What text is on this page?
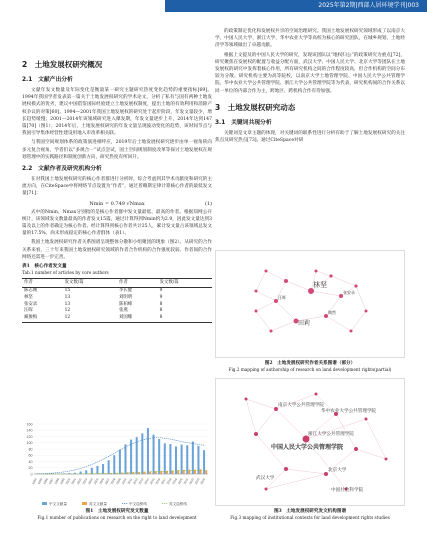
2025年第2期|西部人居环境学刊|003
2　土地发展权研究概况
2.1　文献产出分析

文献年发文数量及年际变化是衡量某一研究主题研究热度变化趋势的重要指标[69]。1994年我国学者发表第一篇关于土地发展权研究的学术论文，分析了私有与国有两种土地发展权模式的优劣，建议中国借鉴国际经验建立土地发展权制度，提出土地的有效利用和消除产权争议的对策[60]。1994—2001年我国土地发展权的研究处于起步阶段，年发文量较少，增长趋势缓慢；2001—2014年该领域研究进入爆发期，年发文量逐步上升，2014年达到147篇[70]（图1）；2014年后，土地发展权研究的年发文量呈现波动变化的趋势，该时间节点与我国引导集体经营性建设用地入市改革相关联。

与我国空间规划体系的政策演进相呼应，2019年后土地发展权研究逐步由单一视角转向多元复合视角，学者们以“多规合一”试点尝试，国土空间规划制度改革等探讨土地发展权在规划管理中的实践路径和制度创新方向，研究热度有所回升。

2.2　文献作者及研究机构分析

在对我国土地发展权研究的核心作者群进行分析时，综合考虑到其学术贡献度和研究的主流方向，在CiteSpace中将网络节点设置为“作者”，通过普赖斯定律计算核心作者的最低发文量[71]：

Nmin = 0.749 √Nmax	(1)

式中的Nmin、Nmax分别指的是核心作者群中发文量最低、最高的作者。根据知网公开统计，该领域发文数量最高的作者发文15篇，通过计算得到Nmin约为2.9，因此发文量达到3篇及以上的作者确定为核心作者。经计算得到核心作者共计25人，累计发文量占该领域总发文量的17.5%，尚未形成稳定的核心作者群体（表1）。

我国土地发展权研究作者关系图谱呈现整体分散和小组聚团的现象（图2）。从研究的合作关系来看，三十年来我国土地发展权研究领域的作者合作机构的合作强度较弱，作者间的合作网络还需进一步完善。

表1　核心作者发文量
Tab.1 number of articles by core authors
作者	发文数/篇	作者	发文数/篇
陈志刚	15	李长健	9
林坚	13	刘明明	9
张安录	13	陈柏峰	8
汪晖	12	张燕	8
臧俊梅	12	刘国臻	8
0
20
40
60
80
100
120
140
160
1994
1995
1996
1997
1998
1999
2000
2001
2002
2003
2004
2005
2006
2007
2008
2009
2010 2011
2012
2013
2014
2015
2016
2017
2018
2019
2020
2021
2022
2023
2024

中文文献量	英文文献量	中文趋势线	英文趋势线
图1　土地发展权研究发文数量
Fig.1 number of publications on research on the right to land development

的政策制定优化和发展权共享的空间治理研究。我国土地发展权研究领域形成了以南京大学、中国人民大学、浙江大学、华中农业大学等高校为核心的研究团队，在城乡规划、土地经济学等领域做出了卓越贡献。

根据上文提及的中国人民大学的研究，发现该团队以“地权归公”的政策研究为重点[72]，研究聚焦在发展权的配置与收益分配方面，武汉大学、中国人民大学、北京大学等团队在土地发展权的研究中发挥着核心作用，所有研究机构之间的合作程度较高，但合作机构的空间分布较为分散。研究机构主要为高等院校，以南京大学土地管理学院、中国人民大学公共管理学院、华中农业大学公共管理学院、浙江大学公共管理学院等为代表，研究机构间的合作关系以同一单位的内部合作为主，跨地区、跨机构合作有待加强。

3　土地发展权研究动态
3.1　关键词共现分析

关键词是文章主题的体现，对关键词的联系性进行分析有助于了解土地发展权研究的关注焦点及研究热点[73]。通过CiteSpace对研

林坚
田莉
张安录
汪晖
陶然
图2　土地发展权研究作者关系图谱（部分）
Fig.2 mapping of authorship of research on land development rights(partial)
南京大学公共管理学院
华中农业大学公共管理学院
浙江大学公共管理学院
中国人民大学公共管理学院
北京大学
武汉大学
中国社会科学院
图3　土地发展权研究发文机构图谱
Fig.3 mapping of institutional contexts for land development rights studies
